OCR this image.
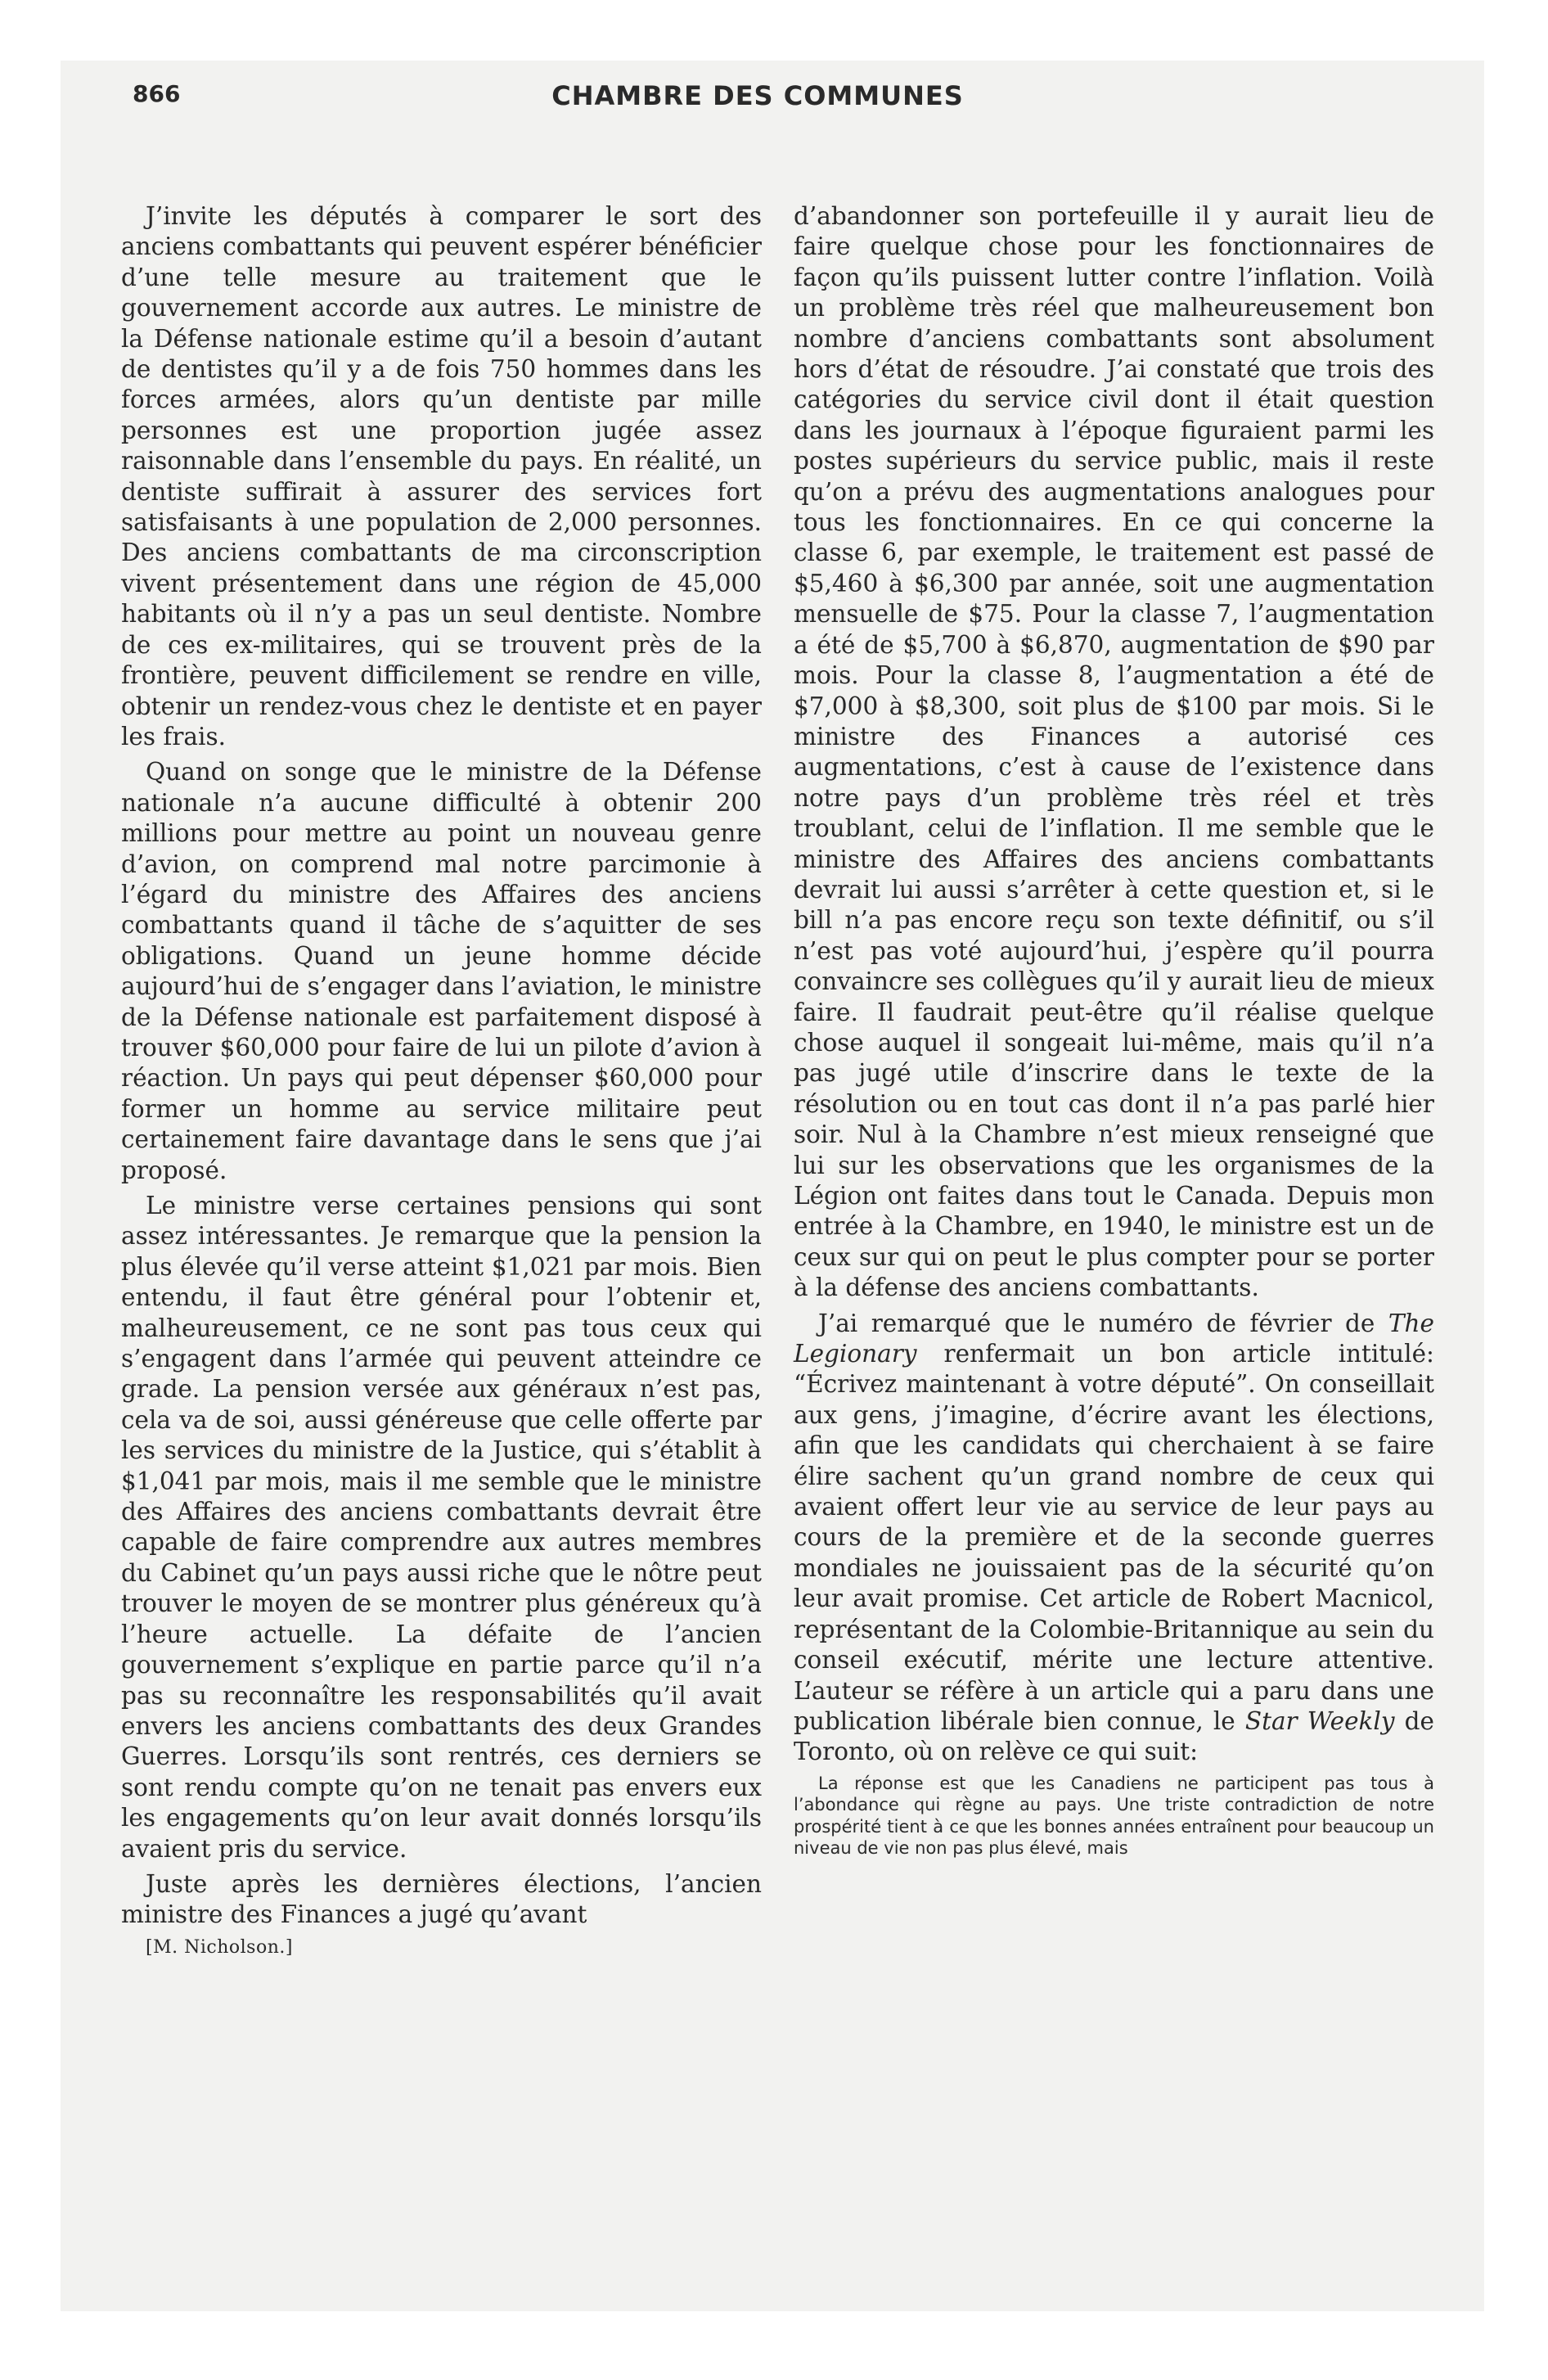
CHAMBRE DES COMMUNES
866

J’invite les députés à comparer le sort des anciens combattants qui peuvent espérer bénéficier d’une telle mesure au traitement que le gouvernement accorde aux autres. Le ministre de la Défense nationale estime qu’il a besoin d’autant de dentistes qu’il y a de fois 750 hommes dans les forces armées, alors qu’un dentiste par mille personnes est une proportion jugée assez raisonnable dans l’ensemble du pays. En réalité, un dentiste suffirait à assurer des services fort satisfaisants à une population de 2,000 personnes. Des anciens combattants de ma circonscription vivent présentement dans une région de 45,000 habitants où il n’y a pas un seul dentiste. Nombre de ces ex-militaires, qui se trouvent près de la frontière, peuvent difficilement se rendre en ville, obtenir un rendez-vous chez le dentiste et en payer les frais.

Quand on songe que le ministre de la Défense nationale n’a aucune difficulté à obtenir 200 millions pour mettre au point un nouveau genre d’avion, on comprend mal notre parcimonie à l’égard du ministre des Affaires des anciens combattants quand il tâche de s’aquitter de ses obligations. Quand un jeune homme décide aujourd’hui de s’engager dans l’aviation, le ministre de la Défense nationale est parfaitement disposé à trouver $60,000 pour faire de lui un pilote d’avion à réaction. Un pays qui peut dépenser $60,000 pour former un homme au service militaire peut certainement faire davantage dans le sens que j’ai proposé.

Le ministre verse certaines pensions qui sont assez intéressantes. Je remarque que la pension la plus élevée qu’il verse atteint $1,021 par mois. Bien entendu, il faut être général pour l’obtenir et, malheureusement, ce ne sont pas tous ceux qui s’engagent dans l’armée qui peuvent atteindre ce grade. La pension versée aux généraux n’est pas, cela va de soi, aussi généreuse que celle offerte par les services du ministre de la Justice, qui s’établit à $1,041 par mois, mais il me semble que le ministre des Affaires des anciens combattants devrait être capable de faire comprendre aux autres membres du Cabinet qu’un pays aussi riche que le nôtre peut trouver le moyen de se montrer plus généreux qu’à l’heure actuelle. La défaite de l’ancien gouvernement s’explique en partie parce qu’il n’a pas su reconnaître les responsabilités qu’il avait envers les anciens combattants des deux Grandes Guerres. Lorsqu’ils sont rentrés, ces derniers se sont rendu compte qu’on ne tenait pas envers eux les engagements qu’on leur avait donnés lorsqu’ils avaient pris du service.

Juste après les dernières élections, l’ancien ministre des Finances a jugé qu’avant

[M. Nicholson.]

d’abandonner son portefeuille il y aurait lieu de faire quelque chose pour les fonctionnaires de façon qu’ils puissent lutter contre l’inflation. Voilà un problème très réel que malheureusement bon nombre d’anciens combattants sont absolument hors d’état de résoudre. J’ai constaté que trois des catégories du service civil dont il était question dans les journaux à l’époque figuraient parmi les postes supérieurs du service public, mais il reste qu’on a prévu des augmentations analogues pour tous les fonctionnaires. En ce qui concerne la classe 6, par exemple, le traitement est passé de $5,460 à $6,300 par année, soit une augmentation mensuelle de $75. Pour la classe 7, l’augmentation a été de $5,700 à $6,870, augmentation de $90 par mois. Pour la classe 8, l’augmentation a été de $7,000 à $8,300, soit plus de $100 par mois. Si le ministre des Finances a autorisé ces augmentations, c’est à cause de l’existence dans notre pays d’un problème très réel et très troublant, celui de l’inflation. Il me semble que le ministre des Affaires des anciens combattants devrait lui aussi s’arrêter à cette question et, si le bill n’a pas encore reçu son texte définitif, ou s’il n’est pas voté aujourd’hui, j’espère qu’il pourra convaincre ses collègues qu’il y aurait lieu de mieux faire. Il faudrait peut-être qu’il réalise quelque chose auquel il songeait lui-même, mais qu’il n’a pas jugé utile d’inscrire dans le texte de la résolution ou en tout cas dont il n’a pas parlé hier soir. Nul à la Chambre n’est mieux renseigné que lui sur les observations que les organismes de la Légion ont faites dans tout le Canada. Depuis mon entrée à la Chambre, en 1940, le ministre est un de ceux sur qui on peut le plus compter pour se porter à la défense des anciens combattants.

J’ai remarqué que le numéro de février de The Legionary renfermait un bon article intitulé: “Écrivez maintenant à votre député”. On conseillait aux gens, j’imagine, d’écrire avant les élections, afin que les candidats qui cherchaient à se faire élire sachent qu’un grand nombre de ceux qui avaient offert leur vie au service de leur pays au cours de la première et de la seconde guerres mondiales ne jouissaient pas de la sécurité qu’on leur avait promise. Cet article de Robert Macnicol, représentant de la Colombie-Britannique au sein du conseil exécutif, mérite une lecture attentive. L’auteur se réfère à un article qui a paru dans une publication libérale bien connue, le Star Weekly de Toronto, où on relève ce qui suit:

La réponse est que les Canadiens ne participent pas tous à l’abondance qui règne au pays. Une triste contradiction de notre prospérité tient à ce que les bonnes années entraînent pour beaucoup un niveau de vie non pas plus élevé, mais
